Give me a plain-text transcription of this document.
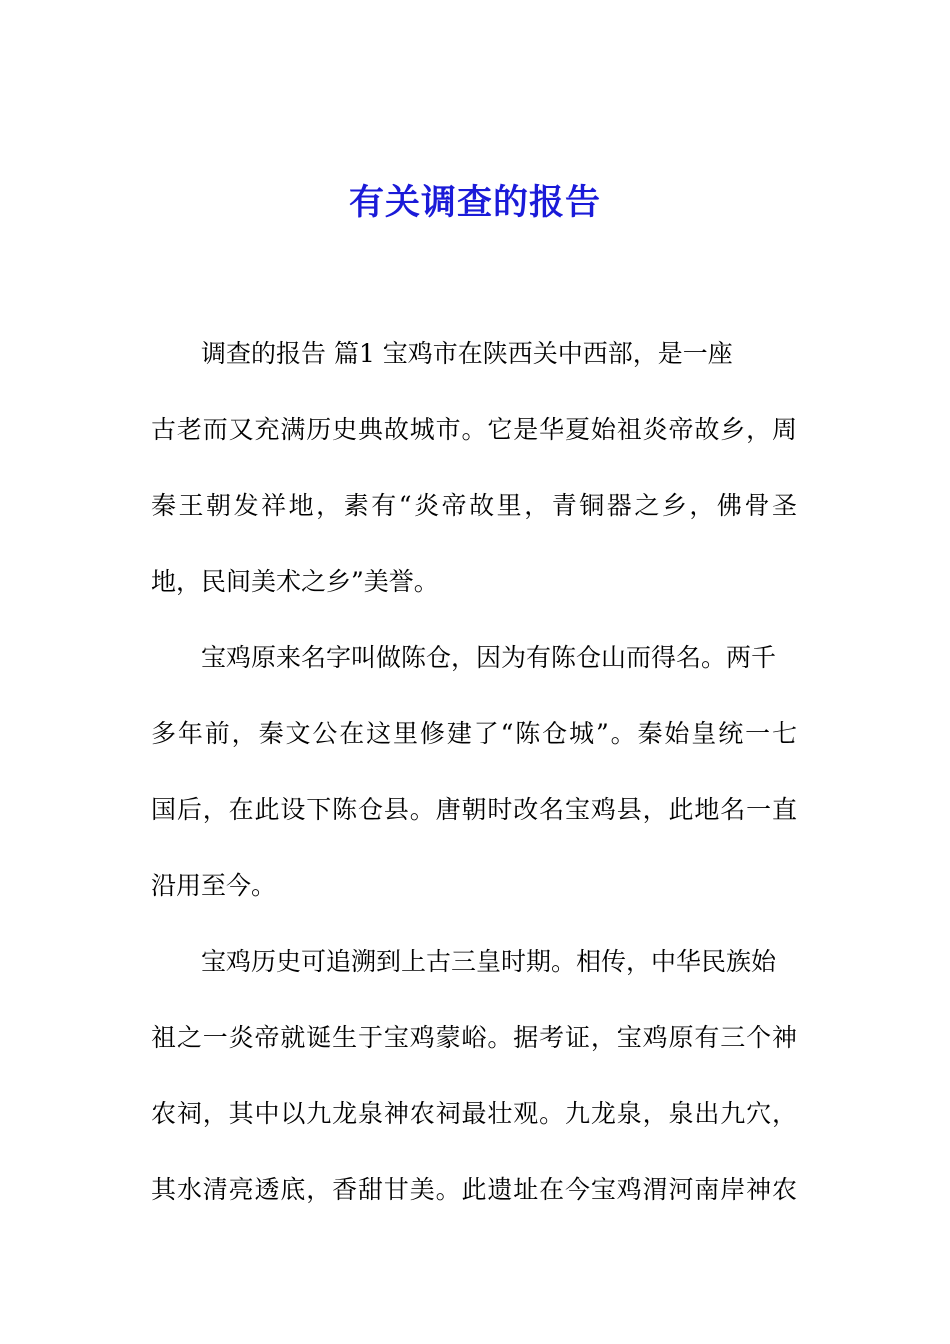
有关调查的报告
调查的报告 篇1 宝鸡市在陕西关中西部，是一座
古老而又充满历史典故城市。它是华夏始祖炎帝故乡，周
秦王朝发祥地，素有“炎帝故里，青铜器之乡，佛骨圣
地，民间美术之乡”美誉。
宝鸡原来名字叫做陈仓，因为有陈仓山而得名。两千
多年前，秦文公在这里修建了“陈仓城”。秦始皇统一七
国后，在此设下陈仓县。唐朝时改名宝鸡县，此地名一直
沿用至今。
宝鸡历史可追溯到上古三皇时期。相传，中华民族始
祖之一炎帝就诞生于宝鸡蒙峪。据考证，宝鸡原有三个神
农祠，其中以九龙泉神农祠最壮观。九龙泉，泉出九穴，
其水清亮透底，香甜甘美。此遗址在今宝鸡渭河南岸神农
